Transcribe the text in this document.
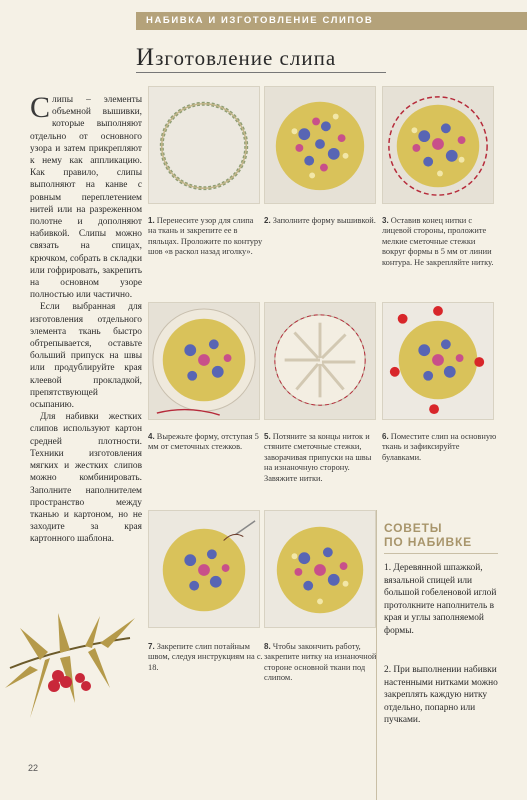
НАБИВКА И ИЗГОТОВЛЕНИЕ СЛИПОВ
Изготовление слипа

Слипы – элементы объемной вышивки, которые выполняют отдельно от основного узора и затем прикрепляют к нему как аппликацию. Как правило, слипы выполняют на канве с ровным переплетением нитей или на разреженном полотне и дополняют набивкой. Слипы можно связать на спицах, крючком, собрать в складки или гофрировать, закрепить на основном узоре полностью или частично.

Если выбранная для изготовления отдельного элемента ткань быстро обтрепывается, оставьте больший припуск на швы или продублируйте края клеевой прокладкой, препятствующей осыпанию.

Для набивки жестких слипов используют картон средней плотности. Техники изготовления мягких и жестких слипов можно комбинировать. Заполните наполнителем пространство между тканью и картоном, но не заходите за края картонного шаблона.

1. Перенесите узор для слипа на ткань и закрепите ее в пяльцах. Проложите по контуру шов «в раскол назад иголку».
2. Заполните форму вышивкой. 3. Оставив конец нитки с лицевой стороны, проложите мелкие сметочные стежки вокруг формы в 5 мм от линии контура. Не закрепляйте нитку.
4. Вырежьте форму, отступая 5 мм от сметочных стежков.
5. Потяните за концы ниток и стяните сметочные стежки, заворачивая припуски на швы на изнаночную сторону. Завяжите нитки.
6. Поместите слип на основную ткань и зафиксируйте булавками.
7. Закрепите слип потайным швом, следуя инструкциям на с. 18.
8. Чтобы закончить работу, закрепите нитку на изнаночной стороне основной ткани под слипом.
СОВЕТЫ
ПО НАБИВКЕ
1. Деревянной шпажкой, вязальной спицей или большой гобеленовой иглой протолкните наполнитель в края и углы заполняемой формы.
2. При выполнении набивки настенными нитками можно закреплять каждую нитку отдельно, попарно или пучками.
22
